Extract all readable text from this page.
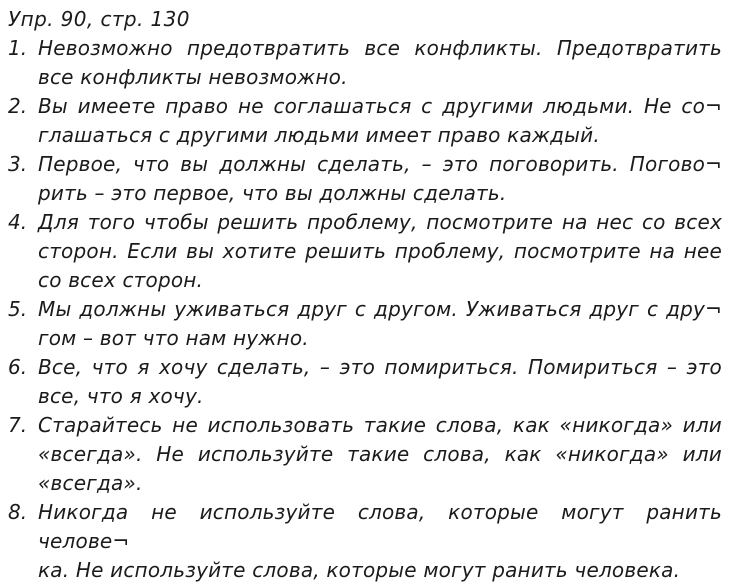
Упр. 90, стр. 130
1. Невозможно предотвратить все конфликты. Предотвратить
все конфликты невозможно.
2. Вы имеете право не соглашаться с другими людьми. Не со¬
глашаться с другими людьми имеет право каждый.
3. Первое, что вы должны сделать, – это поговорить. Погово¬
рить – это первое, что вы должны сделать.
4. Для того чтобы решить проблему, посмотрите на нес со всех
сторон. Если вы хотите решить проблему, посмотрите на нее
со всех сторон.
5. Мы должны уживаться друг с другом. Уживаться друг с дру¬
гом – вот что нам нужно.
6. Все, что я хочу сделать, – это помириться. Помириться – это
все, что я хочу.
7. Старайтесь не использовать такие слова, как «никогда» или
«всегда». Не используйте такие слова, как «никогда» или
«всегда».
8. Никогда не используйте слова, которые могут ранить челове¬
ка. Не используйте слова, которые могут ранить человека.
